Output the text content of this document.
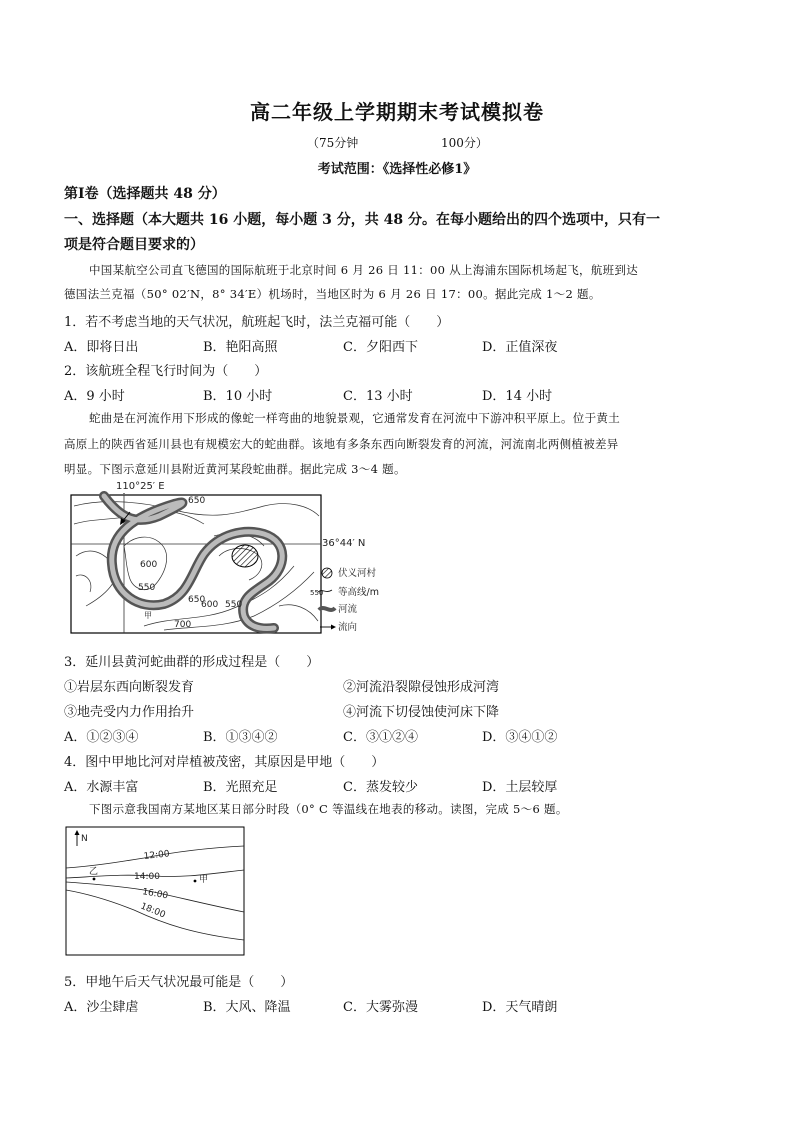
高二年级上学期期末考试模拟卷
（75分钟	100分）
考试范围：《选择性必修1》
第Ⅰ卷（选择题共 48 分）
一、选择题（本大题共 16 小题，每小题 3 分，共 48 分。在每小题给出的四个选项中，只有一
项是符合题目要求的）
中国某航空公司直飞德国的国际航班于北京时间 6 月 26 日 11：00 从上海浦东国际机场起飞，航班到达
德国法兰克福（50° 02′N，8° 34′E）机场时，当地区时为 6 月 26 日 17：00。据此完成 1～2 题。
1．若不考虑当地的天气状况，航班起飞时，法兰克福可能（　　）
A．即将日出	B．艳阳高照	C．夕阳西下	D．正值深夜
2．该航班全程飞行时间为（　　）
A．9 小时	B．10 小时	C．13 小时	D．14 小时
蛇曲是在河流作用下形成的像蛇一样弯曲的地貌景观，它通常发育在河流中下游冲积平原上。位于黄土
高原上的陕西省延川县也有规模宏大的蛇曲群。该地有多条东西向断裂发育的河流，河流南北两侧植被差异
明显。下图示意延川县附近黄河某段蛇曲群。据此完成 3～4 题。
110°25′ E
650
600
550
650
600 550
700
甲
36°44′ N
伏义河村
550 等高线/m
河流
流向
3．延川县黄河蛇曲群的形成过程是（　　）
①岩层东西向断裂发育	②河流沿裂隙侵蚀形成河湾
③地壳受内力作用抬升	④河流下切侵蚀使河床下降
A．①②③④	B．①③④②	C．③①②④	D．③④①②
4．图中甲地比河对岸植被茂密，其原因是甲地（　　）
A．水源丰富	B．光照充足	C．蒸发较少	D．土层较厚
下图示意我国南方某地区某日部分时段（0° C 等温线在地表的移动。读图，完成 5～6 题。
N
12:00
14:00
16:00
18:00
乙
甲
5．甲地午后天气状况最可能是（　　）
A．沙尘肆虐	B．大风、降温	C．大雾弥漫	D．天气晴朗
